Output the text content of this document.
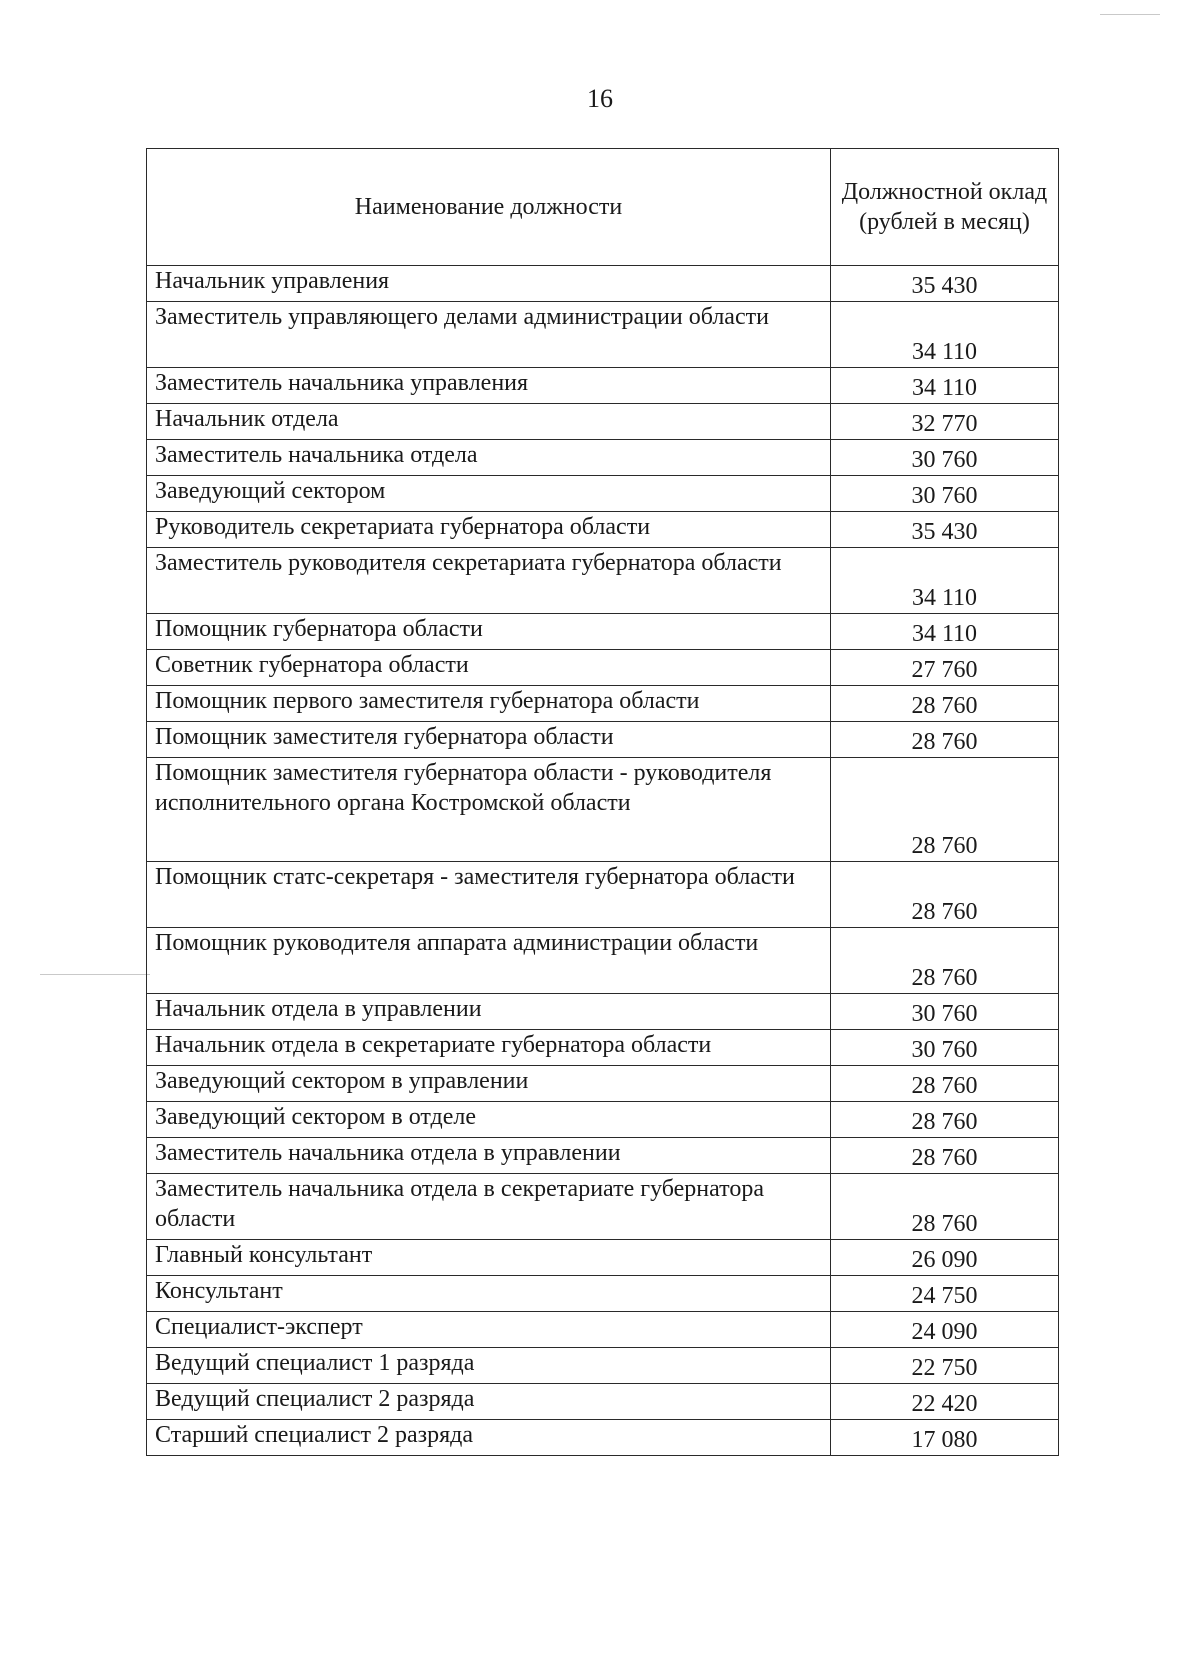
16
Наименование должности	Должностной оклад (рублей в месяц)
Начальник управления	35 430
Заместитель управляющего делами администрации области	34 110
Заместитель начальника управления	34 110
Начальник отдела	32 770
Заместитель начальника отдела	30 760
Заведующий сектором	30 760
Руководитель секретариата губернатора области	35 430
Заместитель руководителя секретариата губернатора области	34 110
Помощник губернатора области	34 110
Советник губернатора области	27 760
Помощник первого заместителя губернатора области	28 760
Помощник заместителя губернатора области	28 760
Помощник заместителя губернатора области - руководителя исполнительного органа Костромской области	28 760
Помощник статс-секретаря - заместителя губернатора области	28 760
Помощник руководителя аппарата администрации области	28 760
Начальник отдела в управлении	30 760
Начальник отдела в секретариате губернатора области	30 760
Заведующий сектором в управлении	28 760
Заведующий сектором в отделе	28 760
Заместитель начальника отдела в управлении	28 760
Заместитель начальника отдела в секретариате губернатора области	28 760
Главный консультант	26 090
Консультант	24 750
Специалист-эксперт	24 090
Ведущий специалист 1 разряда	22 750
Ведущий специалист 2 разряда	22 420
Старший специалист 2 разряда	17 080
